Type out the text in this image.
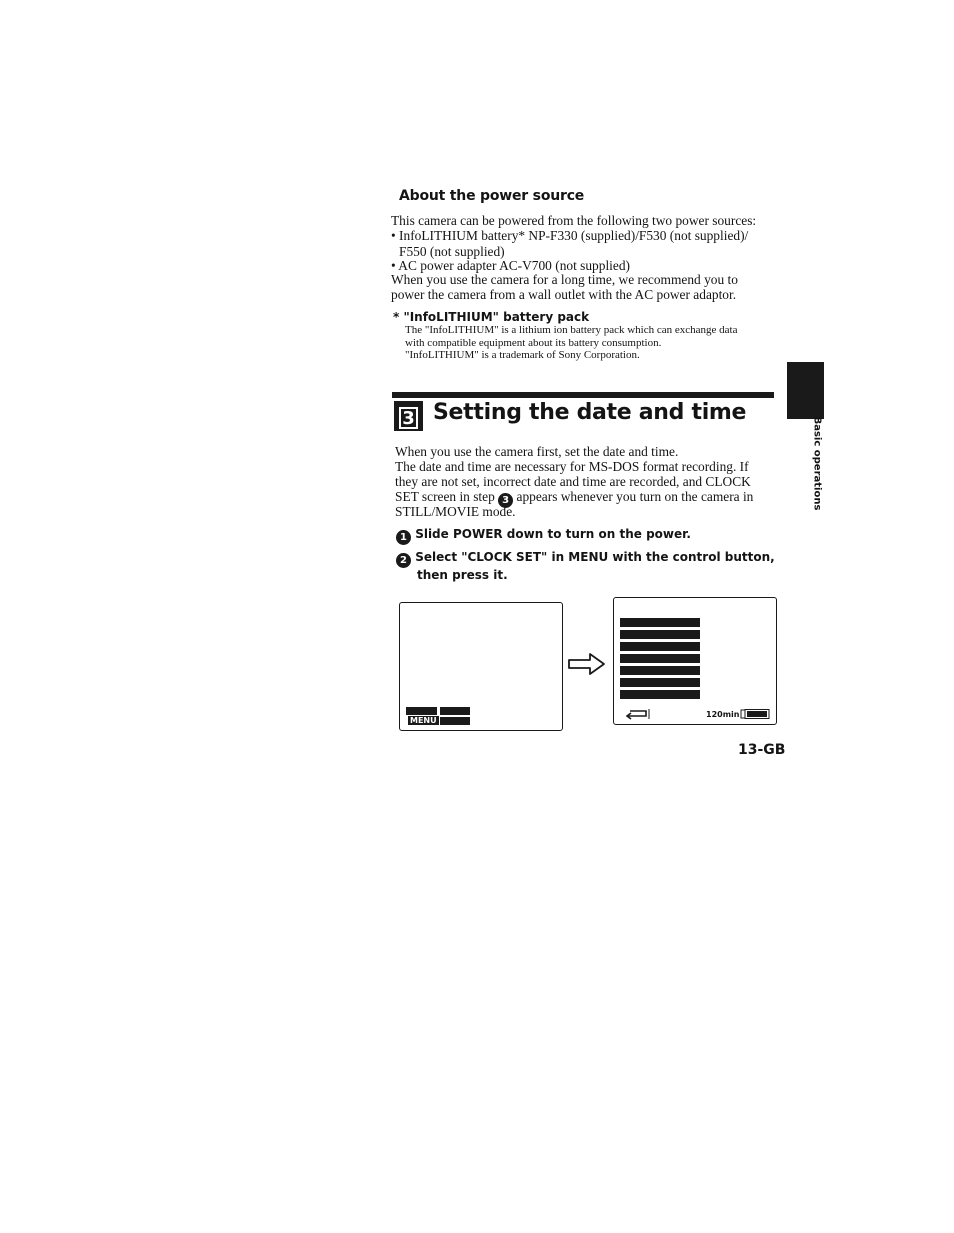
About the power source
This camera can be powered from the following two power sources:
• InfoLITHIUM battery* NP-F330 (supplied)/F530 (not supplied)/
F550 (not supplied)
• AC power adapter AC-V700 (not supplied)
When you use the camera for a long time, we recommend you to
power the camera from a wall outlet with the AC power adaptor.
* "InfoLITHIUM" battery pack
The "InfoLITHIUM" is a lithium ion battery pack which can exchange data
with compatible equipment about its battery consumption.
"InfoLITHIUM" is a trademark of Sony Corporation.
3 Setting the date and time
Basic operations
When you use the camera first, set the date and time.
The date and time are necessary for MS-DOS format recording. If
they are not set, incorrect date and time are recorded, and CLOCK
SET screen in step 3 appears whenever you turn on the camera in
STILL/MOVIE mode.
1 Slide POWER down to turn on the power.
2 Select "CLOCK SET" in MENU with the control button,
then press it.
MENU
120min
13-GB
